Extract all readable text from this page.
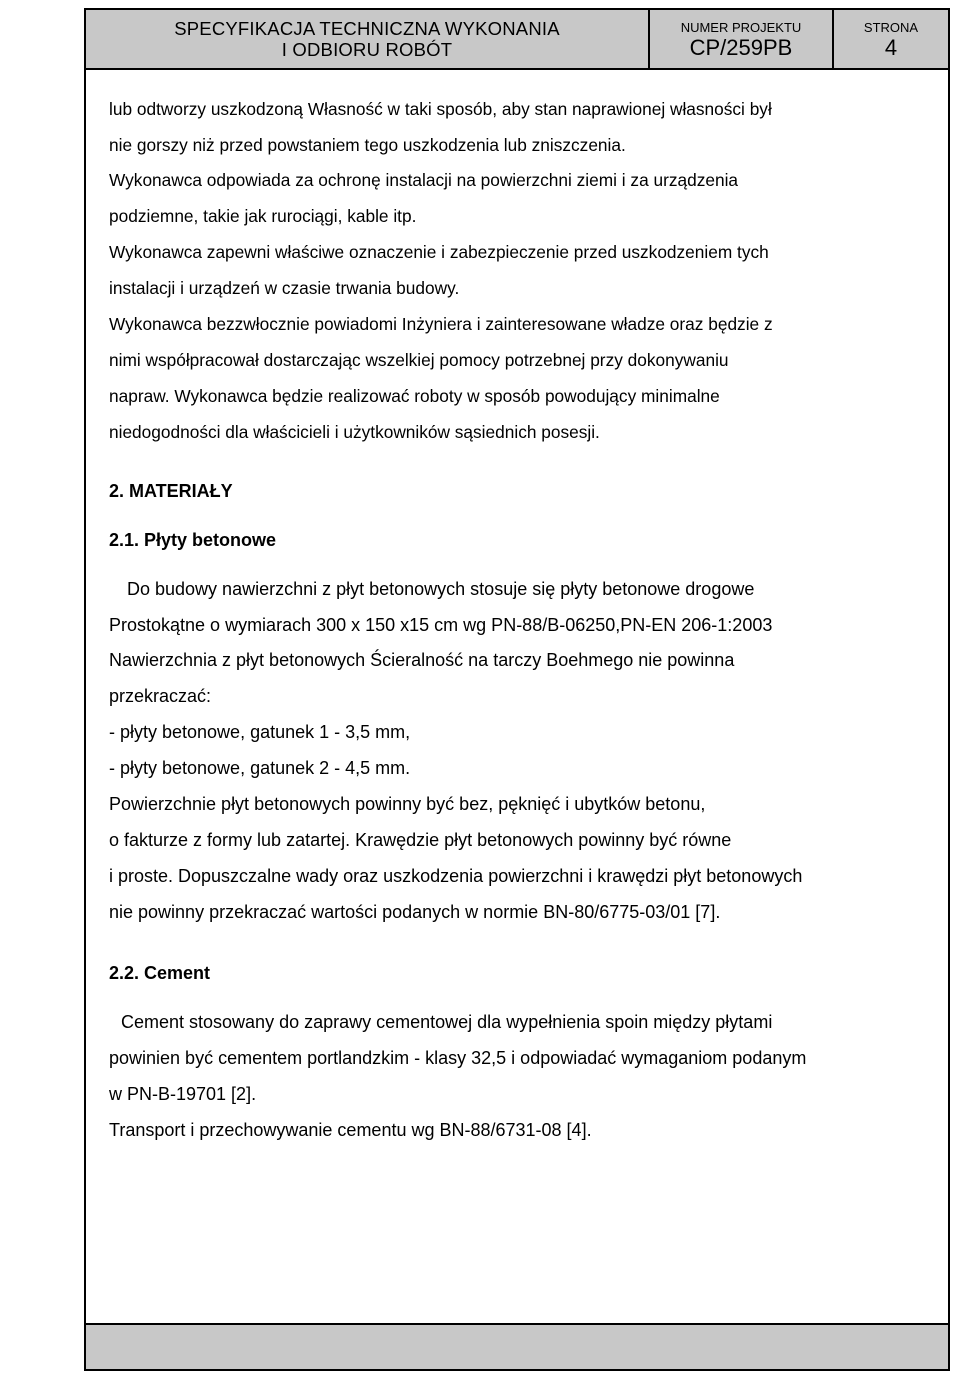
SPECYFIKACJA TECHNICZNA WYKONANIA
I ODBIORU ROBÓT
NUMER PROJEKTU
CP/259PB
STRONA
4
lub odtworzy uszkodzoną Własność w taki sposób, aby stan naprawionej własności był
nie gorszy niż przed powstaniem tego uszkodzenia lub zniszczenia.
Wykonawca odpowiada za ochronę instalacji na powierzchni ziemi i za urządzenia
podziemne, takie jak rurociągi, kable itp.
Wykonawca zapewni właściwe oznaczenie i zabezpieczenie przed uszkodzeniem tych
instalacji i urządzeń w czasie trwania budowy.
Wykonawca bezzwłocznie powiadomi Inżyniera i zainteresowane władze oraz będzie z
nimi współpracował dostarczając wszelkiej pomocy potrzebnej przy dokonywaniu
napraw. Wykonawca będzie realizować roboty w sposób powodujący minimalne
niedogodności dla właścicieli i użytkowników sąsiednich posesji.
2. MATERIAŁY
2.1. Płyty betonowe
Do budowy nawierzchni z płyt betonowych stosuje się płyty betonowe drogowe
Prostokątne o wymiarach 300 x 150 x15 cm wg PN-88/B-06250,PN-EN 206-1:2003
Nawierzchnia z płyt betonowych Ścieralność na tarczy Boehmego nie powinna
przekraczać:
- płyty betonowe, gatunek 1 - 3,5 mm,
- płyty betonowe, gatunek 2 - 4,5 mm.
Powierzchnie płyt betonowych powinny być bez, pęknięć i ubytków betonu,
o fakturze z formy lub zatartej. Krawędzie płyt betonowych powinny być równe
i proste. Dopuszczalne wady oraz uszkodzenia powierzchni i krawędzi płyt betonowych
nie powinny przekraczać wartości podanych w normie BN-80/6775-03/01 [7].
2.2. Cement
Cement stosowany do zaprawy cementowej dla wypełnienia spoin między płytami
powinien być cementem portlandzkim - klasy 32,5 i odpowiadać wymaganiom podanym
w PN-B-19701 [2].
Transport i przechowywanie cementu wg BN-88/6731-08 [4].
